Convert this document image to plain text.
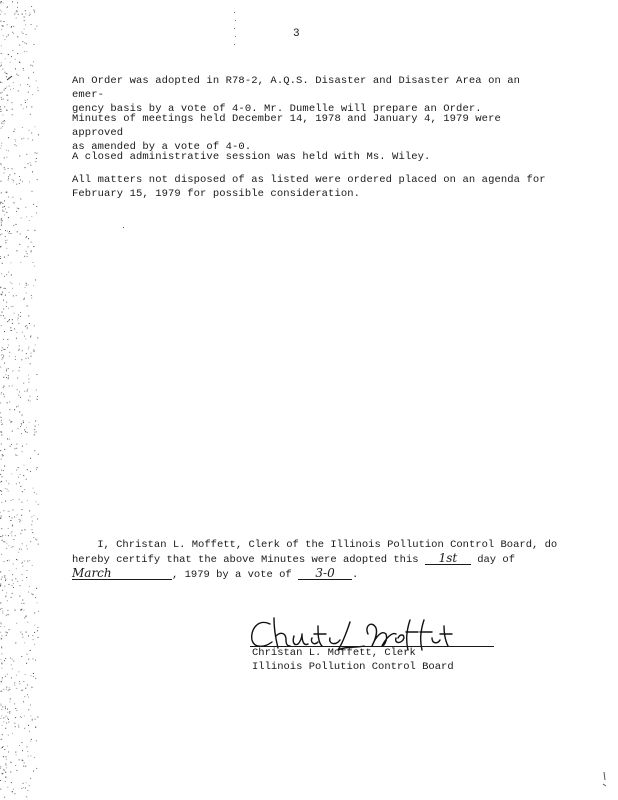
3
An Order was adopted in R78-2, A.Q.S. Disaster and Disaster Area on an emer-
gency basis by a vote of 4-0. Mr. Dumelle will prepare an Order.
Minutes of meetings held December 14, 1978 and January 4, 1979 were approved
as amended by a vote of 4-0.
A closed administrative session was held with Ms. Wiley.
All matters not disposed of as listed were ordered placed on an agenda for
February 15, 1979 for possible consideration.
I, Christan L. Moffett, Clerk of the Illinois Pollution Control Board, do
hereby certify that the above Minutes were adopted this 1st day of
March	, 1979 by a vote of 3-0 .
Christan L. Moffett, Clerk
Illinois Pollution Control Board
